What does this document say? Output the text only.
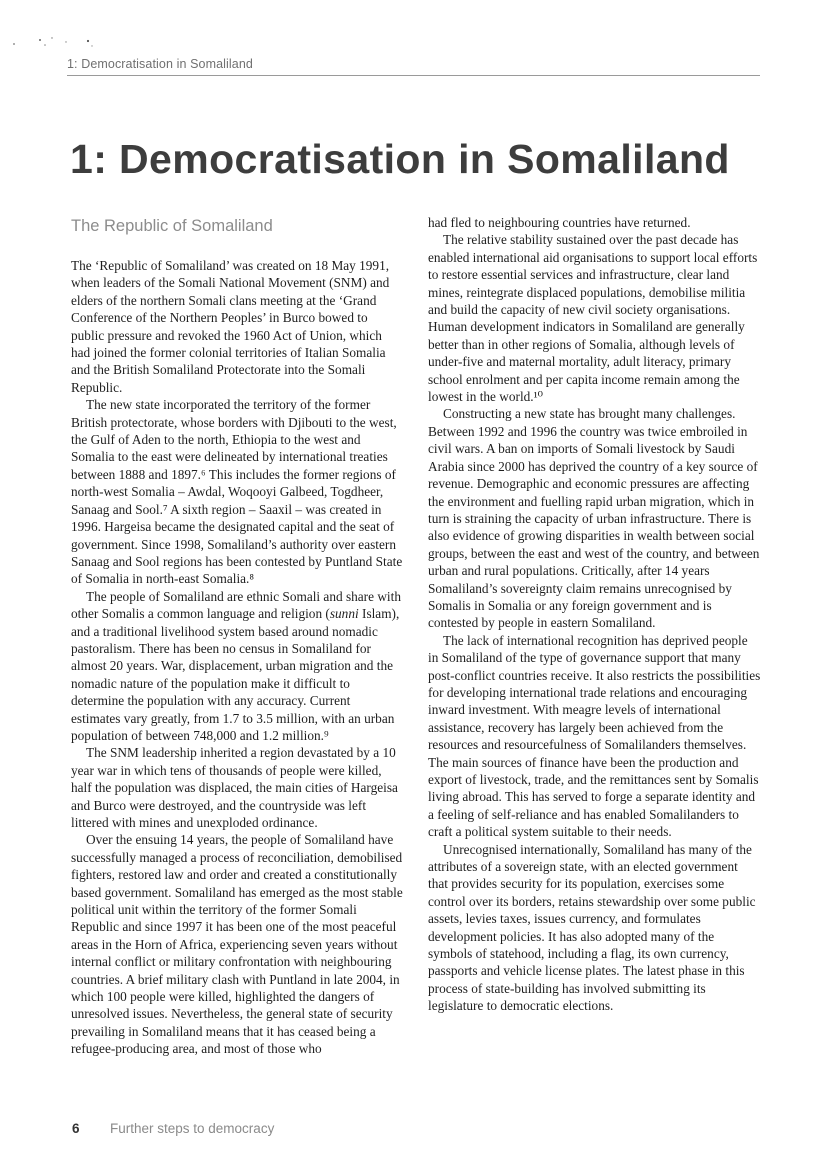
1: Democratisation in Somaliland
1: Democratisation in Somaliland
The Republic of Somaliland

The ‘Republic of Somaliland’ was created on 18 May 1991, when leaders of the Somali National Movement (SNM) and elders of the northern Somali clans meeting at the ‘Grand Conference of the Northern Peoples’ in Burco bowed to public pressure and revoked the 1960 Act of Union, which had joined the former colonial territories of Italian Somalia and the British Somaliland Protectorate into the Somali Republic.

The new state incorporated the territory of the former British protectorate, whose borders with Djibouti to the west, the Gulf of Aden to the north, Ethiopia to the west and Somalia to the east were delineated by international treaties between 1888 and 1897.⁶ This includes the former regions of north-west Somalia – Awdal, Woqooyi Galbeed, Togdheer, Sanaag and Sool.⁷ A sixth region – Saaxil – was created in 1996. Hargeisa became the designated capital and the seat of government. Since 1998, Somaliland’s authority over eastern Sanaag and Sool regions has been contested by Puntland State of Somalia in north-east Somalia.⁸

The people of Somaliland are ethnic Somali and share with other Somalis a common language and religion (sunni Islam), and a traditional livelihood system based around nomadic pastoralism. There has been no census in Somaliland for almost 20 years. War, displacement, urban migration and the nomadic nature of the population make it difficult to determine the population with any accuracy. Current estimates vary greatly, from 1.7 to 3.5 million, with an urban population of between 748,000 and 1.2 million.⁹

The SNM leadership inherited a region devastated by a 10 year war in which tens of thousands of people were killed, half the population was displaced, the main cities of Hargeisa and Burco were destroyed, and the countryside was left littered with mines and unexploded ordinance.

Over the ensuing 14 years, the people of Somaliland have successfully managed a process of reconciliation, demobilised fighters, restored law and order and created a constitutionally based government. Somaliland has emerged as the most stable political unit within the territory of the former Somali Republic and since 1997 it has been one of the most peaceful areas in the Horn of Africa, experiencing seven years without internal conflict or military confrontation with neighbouring countries. A brief military clash with Puntland in late 2004, in which 100 people were killed, highlighted the dangers of unresolved issues. Nevertheless, the general state of security prevailing in Somaliland means that it has ceased being a refugee-producing area, and most of those who

had fled to neighbouring countries have returned.

The relative stability sustained over the past decade has enabled international aid organisations to support local efforts to restore essential services and infrastructure, clear land mines, reintegrate displaced populations, demobilise militia and build the capacity of new civil society organisations. Human development indicators in Somaliland are generally better than in other regions of Somalia, although levels of under-five and maternal mortality, adult literacy, primary school enrolment and per capita income remain among the lowest in the world.¹⁰

Constructing a new state has brought many challenges. Between 1992 and 1996 the country was twice embroiled in civil wars. A ban on imports of Somali livestock by Saudi Arabia since 2000 has deprived the country of a key source of revenue. Demographic and economic pressures are affecting the environment and fuelling rapid urban migration, which in turn is straining the capacity of urban infrastructure. There is also evidence of growing disparities in wealth between social groups, between the east and west of the country, and between urban and rural populations. Critically, after 14 years Somaliland’s sovereignty claim remains unrecognised by Somalis in Somalia or any foreign government and is contested by people in eastern Somaliland.

The lack of international recognition has deprived people in Somaliland of the type of governance support that many post-conflict countries receive. It also restricts the possibilities for developing international trade relations and encouraging inward investment. With meagre levels of international assistance, recovery has largely been achieved from the resources and resourcefulness of Somalilanders themselves. The main sources of finance have been the production and export of livestock, trade, and the remittances sent by Somalis living abroad. This has served to forge a separate identity and a feeling of self-reliance and has enabled Somalilanders to craft a political system suitable to their needs.

Unrecognised internationally, Somaliland has many of the attributes of a sovereign state, with an elected government that provides security for its population, exercises some control over its borders, retains stewardship over some public assets, levies taxes, issues currency, and formulates development policies. It has also adopted many of the symbols of statehood, including a flag, its own currency, passports and vehicle license plates. The latest phase in this process of state-building has involved submitting its legislature to democratic elections.

6 Further steps to democracy
